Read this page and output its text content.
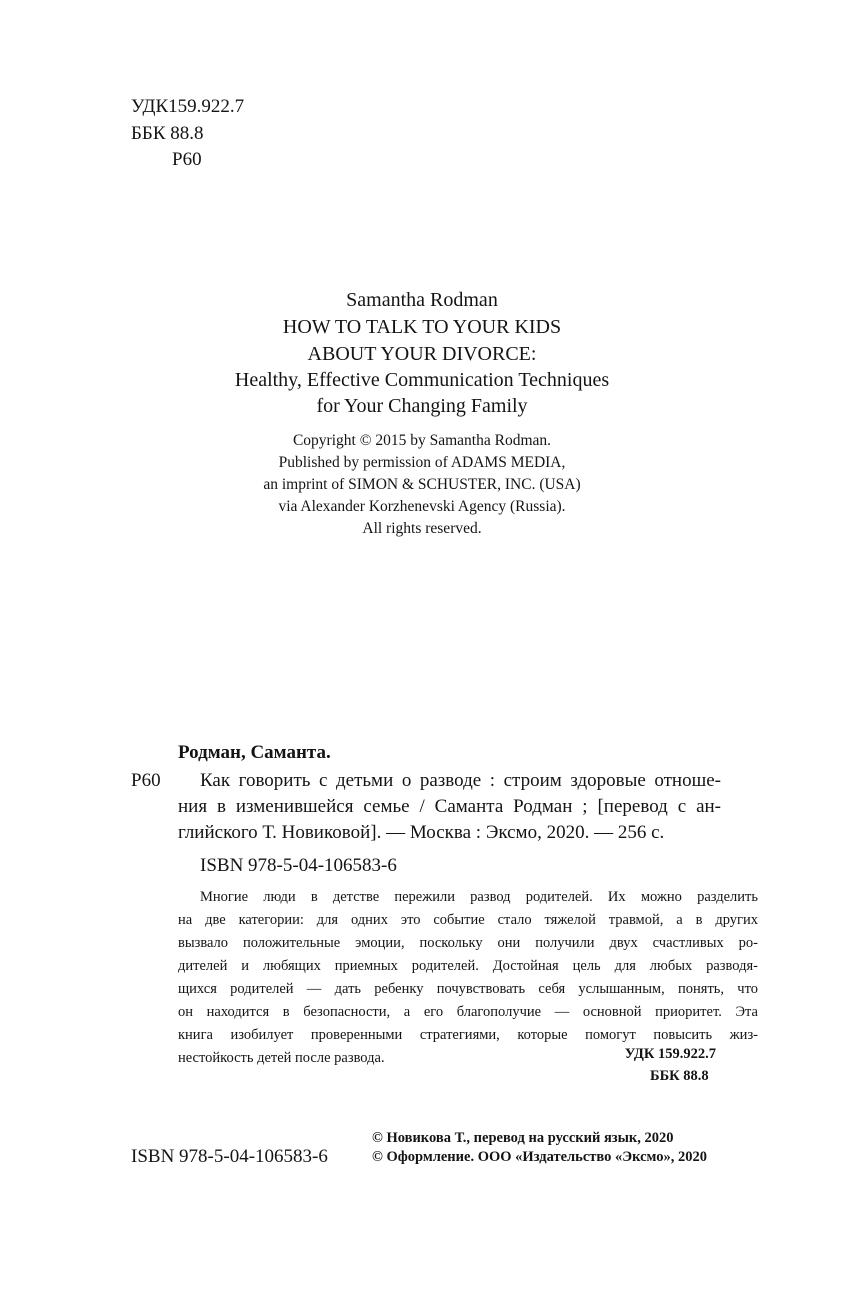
УДК159.922.7
ББК 88.8
Р60
Samantha Rodman
HOW TO TALK TO YOUR KIDS
ABOUT YOUR DIVORCE:
Healthy, Effective Communication Techniques
for Your Changing Family
Copyright © 2015 by Samantha Rodman.
Published by permission of ADAMS MEDIA,
an imprint of SIMON & SCHUSTER, INC. (USA)
via Alexander Korzhenevski Agency (Russia).
All rights reserved.
Родман, Саманта.
Р60 Как говорить с детьми о разводе : строим здоровые отноше-
ния в изменившейся семье / Саманта Родман ; [перевод с ан-
глийского Т. Новиковой]. — Москва : Эксмо, 2020. — 256 с.
ISBN 978-5-04-106583-6
Многие люди в детстве пережили развод родителей. Их можно разделить
на две категории: для одних это событие стало тяжелой травмой, а в других
вызвало положительные эмоции, поскольку они получили двух счастливых ро-
дителей и любящих приемных родителей. Достойная цель для любых разводя-
щихся родителей — дать ребенку почувствовать себя услышанным, понять, что
он находится в безопасности, а его благополучие — основной приоритет. Эта
книга изобилует проверенными стратегиями, которые помогут повысить жиз-
нестойкость детей после развода.	УДК 159.922.7
ББК 88.8
© Новикова Т., перевод на русский язык, 2020
ISBN 978-5-04-106583-6	© Оформление. ООО «Издательство «Эксмо», 2020
